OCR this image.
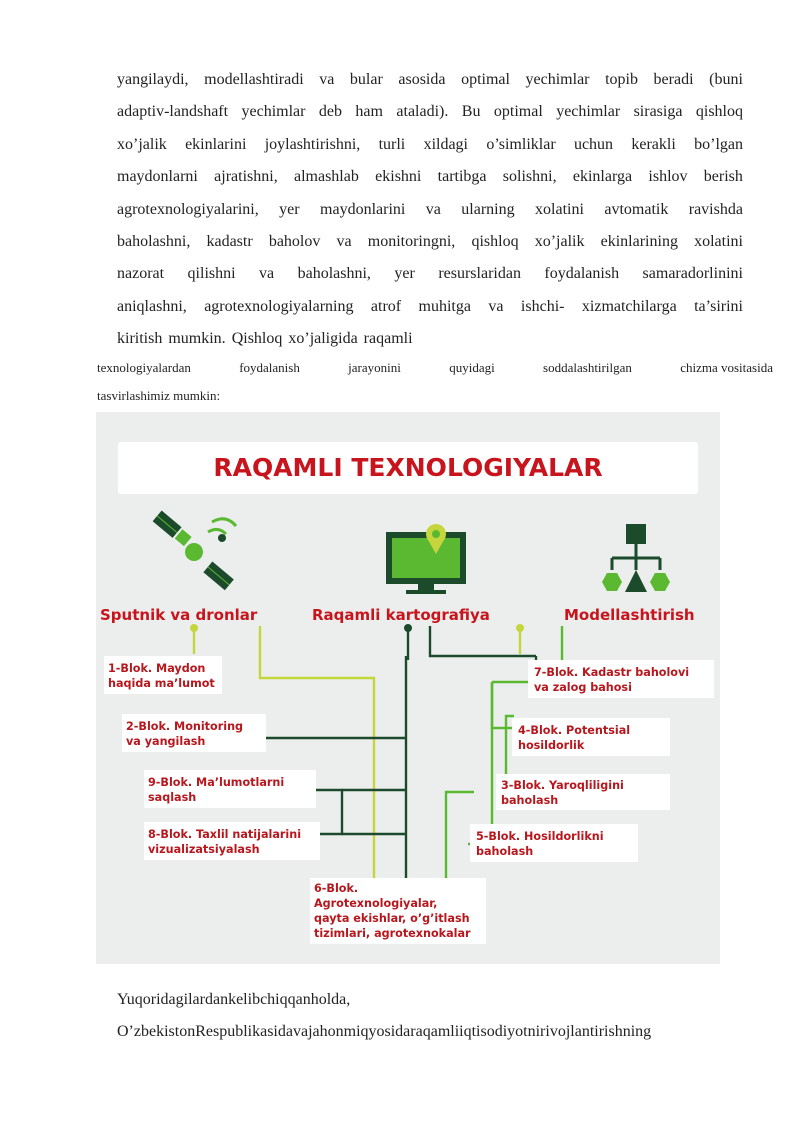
yangilaydi, modellashtiradi va bular asosida optimal yechimlar topib beradi (buni
adaptiv-landshaft yechimlar deb ham ataladi). Bu optimal yechimlar sirasiga qishloq
xo’jalik ekinlarini joylashtirishni, turli xildagi o’simliklar uchun kerakli bo’lgan
maydonlarni ajratishni, almashlab ekishni tartibga solishni, ekinlarga ishlov berish
agrotexnologiyalarini, yer maydonlarini va ularning xolatini avtomatik ravishda
baholashni, kadastr baholov va monitoringni, qishloq xo’jalik ekinlarining xolatini
nazorat qilishni va baholashni, yer resurslaridan foydalanish samaradorlinini
aniqlashni, agrotexnologiyalarning atrof muhitga va ishchi- xizmatchilarga ta’sirini
kiritish mumkin. Qishloq xo’jaligida raqamli
texnologiyalardan	foydalanish	jarayonini	quyidagi	soddalashtirilgan	chizma vositasida
tasvirlashimiz mumkin:
RAQAMLI TEXNOLOGIYALAR
Sputnik va dronlar	Raqamli kartografiya	Modellashtirish
1-Blok. Maydon
haqida ma’lumot
2-Blok. Monitoring
va yangilash
9-Blok. Ma’lumotlarni
saqlash
8-Blok. Taxlil natijalarini
vizualizatsiyalash
6-Blok.
Agrotexnologiyalar,
qayta ekishlar, o’g’itlash
tizimlari, agrotexnokalar
5-Blok. Hosildorlikni
baholash
3-Blok. Yaroqliligini
baholash
4-Blok. Potentsial
hosildorlik
7-Blok. Kadastr baholovi
va zalog bahosi
Yuqoridagilardankelibchiqqanholda,
O’zbekistonRespublikasidavajahonmiqyosidaraqamliiqtisodiyotnirivojlantirishning
